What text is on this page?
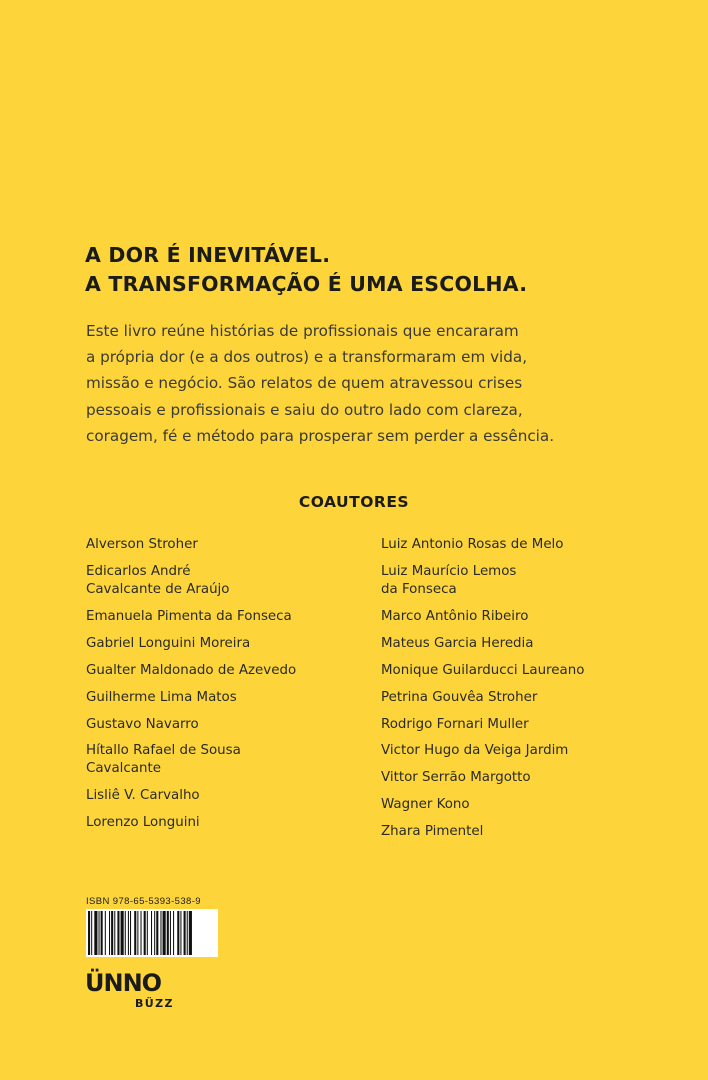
A DOR É INEVITÁVEL.
A TRANSFORMAÇÃO É UMA ESCOLHA.

Este livro reúne histórias de profissionais que encararam
a própria dor (e a dos outros) e a transformaram em vida,
missão e negócio. São relatos de quem atravessou crises
pessoais e profissionais e saiu do outro lado com clareza,
coragem, fé e método para prosperar sem perder a essência.

COAUTORES
Alverson Stroher
Edicarlos André
Cavalcante de Araújo
Emanuela Pimenta da Fonseca
Gabriel Longuini Moreira
Gualter Maldonado de Azevedo
Guilherme Lima Matos
Gustavo Navarro
Hítallo Rafael de Sousa
Cavalcante
Lisliê V. Carvalho
Lorenzo Longuini
Luiz Antonio Rosas de Melo
Luiz Maurício Lemos
da Fonseca
Marco Antônio Ribeiro
Mateus Garcia Heredia
Monique Guilarducci Laureano
Petrina Gouvêa Stroher
Rodrigo Fornari Muller
Victor Hugo da Veiga Jardim
Vittor Serrão Margotto
Wagner Kono
Zhara Pimentel
ISBN 978-65-5393-538-9
ÜNNO
BÜZZ
